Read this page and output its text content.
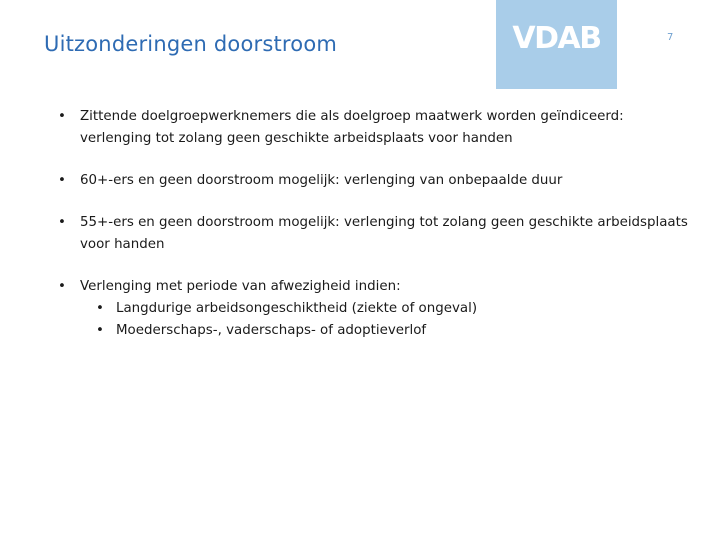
Uitzonderingen doorstroom	VDAB	7
• Zittende doelgroepwerknemers die als doelgroep maatwerk worden geïndiceerd: verlenging tot zolang geen geschikte arbeidsplaats voor handen
• 60+-ers en geen doorstroom mogelijk: verlenging van onbepaalde duur
• 55+-ers en geen doorstroom mogelijk: verlenging tot zolang geen geschikte arbeidsplaats voor handen
• Verlenging met periode van afwezigheid indien:
• Langdurige arbeidsongeschiktheid (ziekte of ongeval)
• Moederschaps-, vaderschaps- of adoptieverlof
